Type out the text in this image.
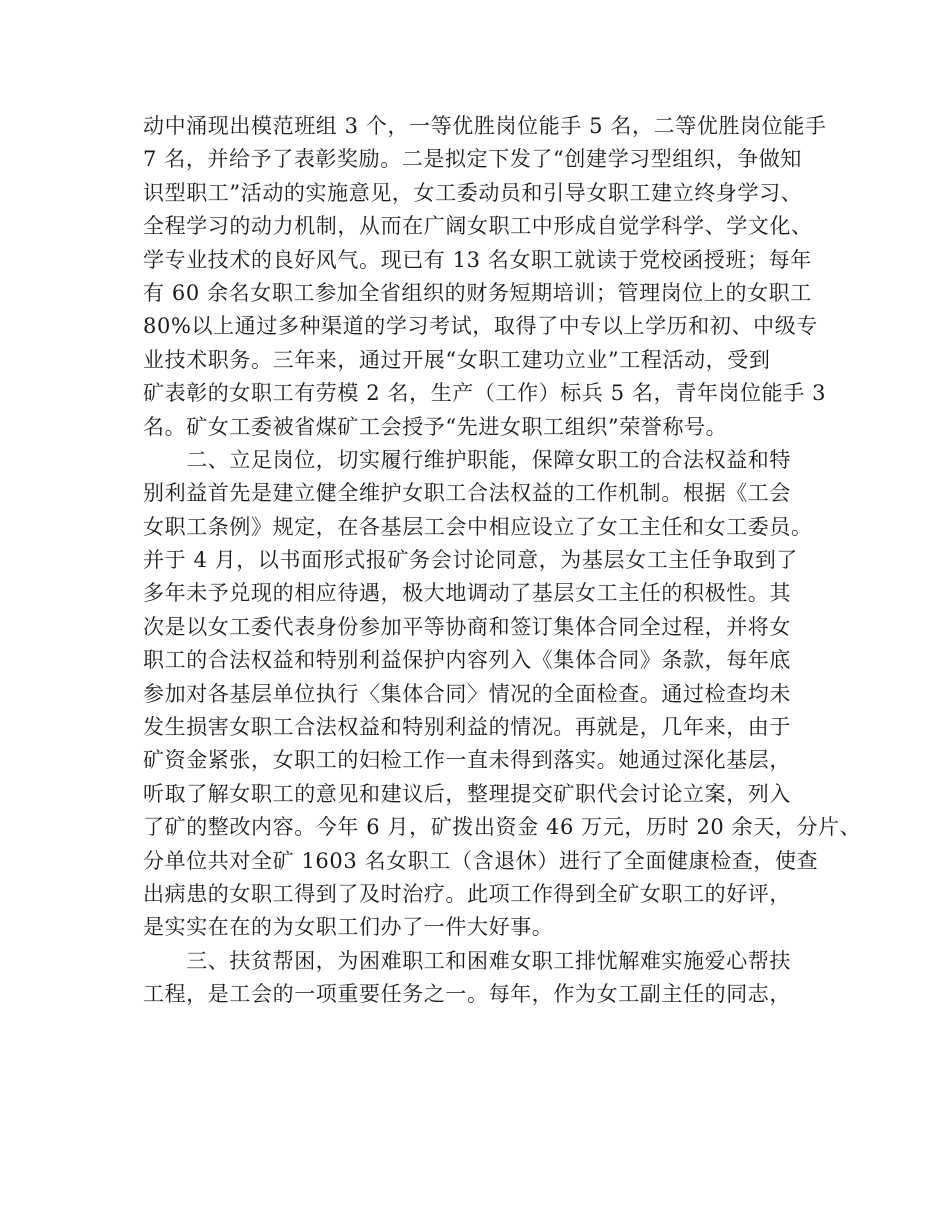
动中涌现出模范班组 3 个，一等优胜岗位能手 5 名，二等优胜岗位能手
7 名，并给予了表彰奖励。二是拟定下发了“创建学习型组织，争做知
识型职工”活动的实施意见，女工委动员和引导女职工建立终身学习、
全程学习的动力机制，从而在广阔女职工中形成自觉学科学、学文化、
学专业技术的良好风气。现已有 13 名女职工就读于党校函授班；每年
有 60 余名女职工参加全省组织的财务短期培训；管理岗位上的女职工
80%以上通过多种渠道的学习考试，取得了中专以上学历和初、中级专
业技术职务。三年来，通过开展“女职工建功立业”工程活动，受到
矿表彰的女职工有劳模 2 名，生产（工作）标兵 5 名，青年岗位能手 3
名。矿女工委被省煤矿工会授予“先进女职工组织”荣誉称号。
　　二、立足岗位，切实履行维护职能，保障女职工的合法权益和特
别利益首先是建立健全维护女职工合法权益的工作机制。根据《工会
女职工条例》规定，在各基层工会中相应设立了女工主任和女工委员。
并于 4 月，以书面形式报矿务会讨论同意，为基层女工主任争取到了
多年未予兑现的相应待遇，极大地调动了基层女工主任的积极性。其
次是以女工委代表身份参加平等协商和签订集体合同全过程，并将女
职工的合法权益和特别利益保护内容列入《集体合同》条款，每年底
参加对各基层单位执行〈集体合同〉情况的全面检查。通过检查均未
发生损害女职工合法权益和特别利益的情况。再就是，几年来，由于
矿资金紧张，女职工的妇检工作一直未得到落实。她通过深化基层，
听取了解女职工的意见和建议后，整理提交矿职代会讨论立案，列入
了矿的整改内容。今年 6 月，矿拨出资金 46 万元，历时 20 余天，分片、
分单位共对全矿 1603 名女职工（含退休）进行了全面健康检查，使查
出病患的女职工得到了及时治疗。此项工作得到全矿女职工的好评，
是实实在在的为女职工们办了一件大好事。
　　三、扶贫帮困，为困难职工和困难女职工排忧解难实施爱心帮扶
工程，是工会的一项重要任务之一。每年，作为女工副主任的同志，
